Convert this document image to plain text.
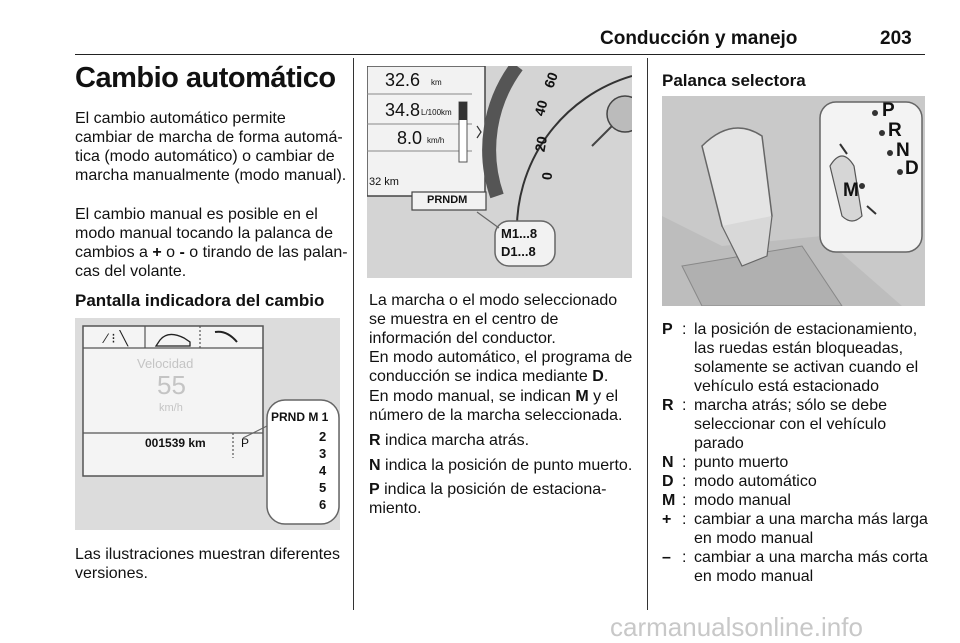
Conducción y manejo	203
Cambio automático

El cambio automático permite cambiar de marcha de forma automá-tica (modo automático) o cambiar de marcha manualmente (modo manual).

El cambio manual es posible en el modo manual tocando la palanca de cambios a + o - o tirando de las palan-cas del volante.

Pantalla indicadora del cambio
⁄ ⁝ ╲
Velocidad
55
km/h
001539 km	P
PRND M 1
2
3
4
5
6

Las ilustraciones muestran diferentes versiones.

32.6 km
34.8 L/100km
8.0 km/h
32 km
PRNDM
M1...8
D1...8
60
40
20
0

La marcha o el modo seleccionado se muestra en el centro de información del conductor.

En modo automático, el programa de conducción se indica mediante D.

En modo manual, se indican M y el número de la marcha seleccionada.

R indica marcha atrás.

N indica la posición de punto muerto.

P indica la posición de estaciona-miento.

Palanca selectora
P
R
N
D
M
P : la posición de estacionamiento, las ruedas están bloqueadas, solamente se activan cuando el vehículo está estacionado
R : marcha atrás; sólo se debe seleccionar con el vehículo parado
N : punto muerto
D : modo automático
M : modo manual
+ : cambiar a una marcha más larga en modo manual
– : cambiar a una marcha más corta en modo manual
carmanualsonline.info
